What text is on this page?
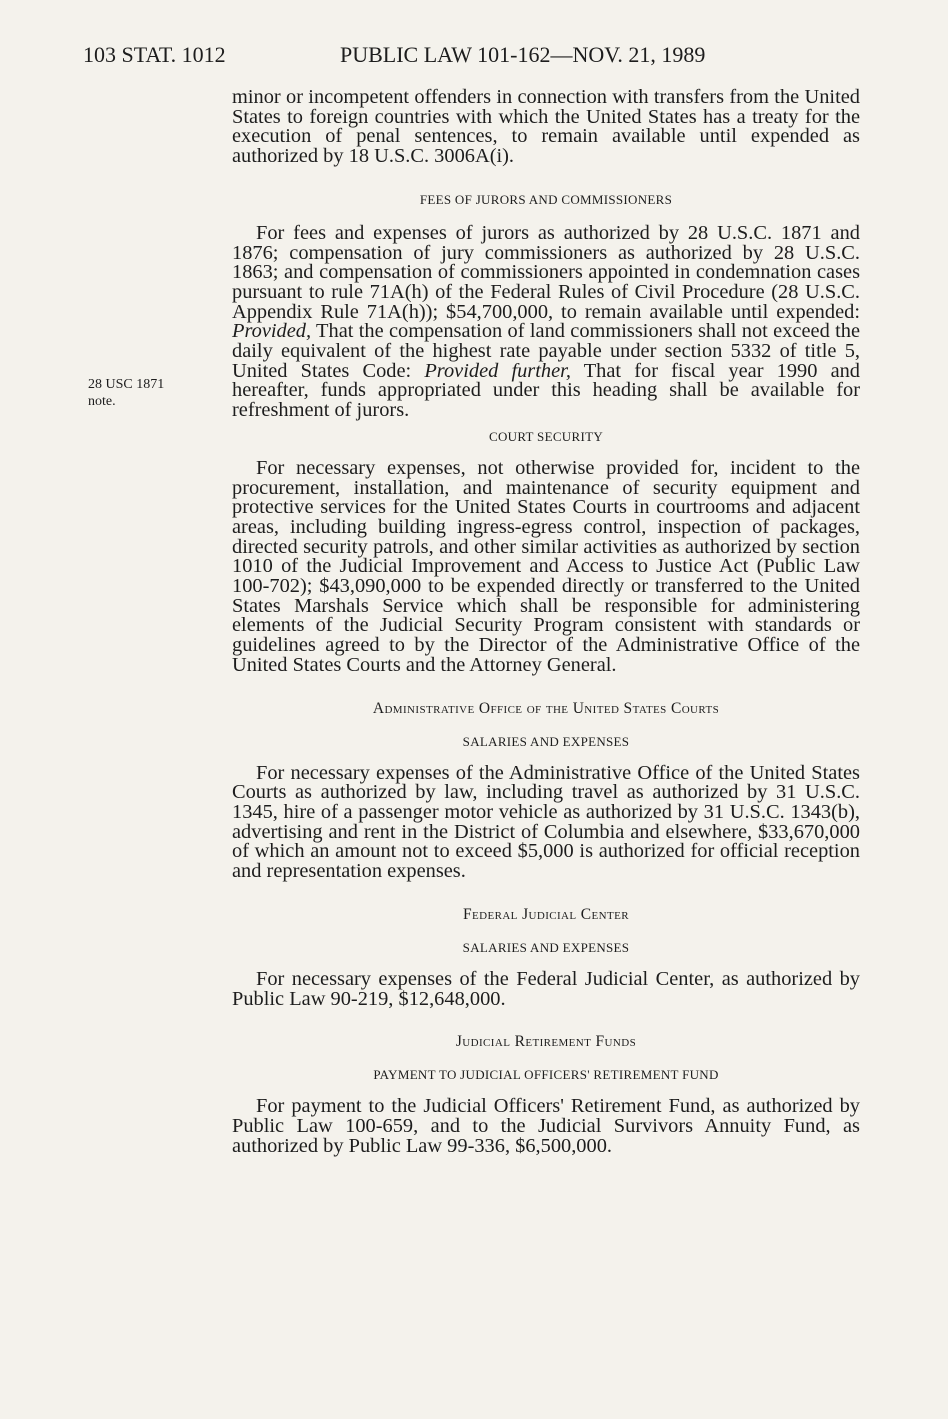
103 STAT. 1012	PUBLIC LAW 101-162—NOV. 21, 1989
28 USC 1871
note.

minor or incompetent offenders in connection with transfers from the United States to foreign countries with which the United States has a treaty for the execution of penal sentences, to remain available until expended as authorized by 18 U.S.C. 3006A(i).

FEES OF JURORS AND COMMISSIONERS

For fees and expenses of jurors as authorized by 28 U.S.C. 1871 and 1876; compensation of jury commissioners as authorized by 28 U.S.C. 1863; and compensation of commissioners appointed in condemnation cases pursuant to rule 71A(h) of the Federal Rules of Civil Procedure (28 U.S.C. Appendix Rule 71A(h)); $54,700,000, to remain available until expended: Provided, That the compensation of land commissioners shall not exceed the daily equivalent of the highest rate payable under section 5332 of title 5, United States Code: Provided further, That for fiscal year 1990 and hereafter, funds appropriated under this heading shall be available for refreshment of jurors.

COURT SECURITY

For necessary expenses, not otherwise provided for, incident to the procurement, installation, and maintenance of security equipment and protective services for the United States Courts in courtrooms and adjacent areas, including building ingress-egress control, inspection of packages, directed security patrols, and other similar activities as authorized by section 1010 of the Judicial Improvement and Access to Justice Act (Public Law 100-702); $43,090,000 to be expended directly or transferred to the United States Marshals Service which shall be responsible for administering elements of the Judicial Security Program consistent with standards or guidelines agreed to by the Director of the Administrative Office of the United States Courts and the Attorney General.

Administrative Office of the United States Courts

SALARIES AND EXPENSES

For necessary expenses of the Administrative Office of the United States Courts as authorized by law, including travel as authorized by 31 U.S.C. 1345, hire of a passenger motor vehicle as authorized by 31 U.S.C. 1343(b), advertising and rent in the District of Columbia and elsewhere, $33,670,000 of which an amount not to exceed $5,000 is authorized for official reception and representation expenses.

Federal Judicial Center

SALARIES AND EXPENSES

For necessary expenses of the Federal Judicial Center, as authorized by Public Law 90-219, $12,648,000.

Judicial Retirement Funds

PAYMENT TO JUDICIAL OFFICERS' RETIREMENT FUND

For payment to the Judicial Officers' Retirement Fund, as authorized by Public Law 100-659, and to the Judicial Survivors Annuity Fund, as authorized by Public Law 99-336, $6,500,000.
